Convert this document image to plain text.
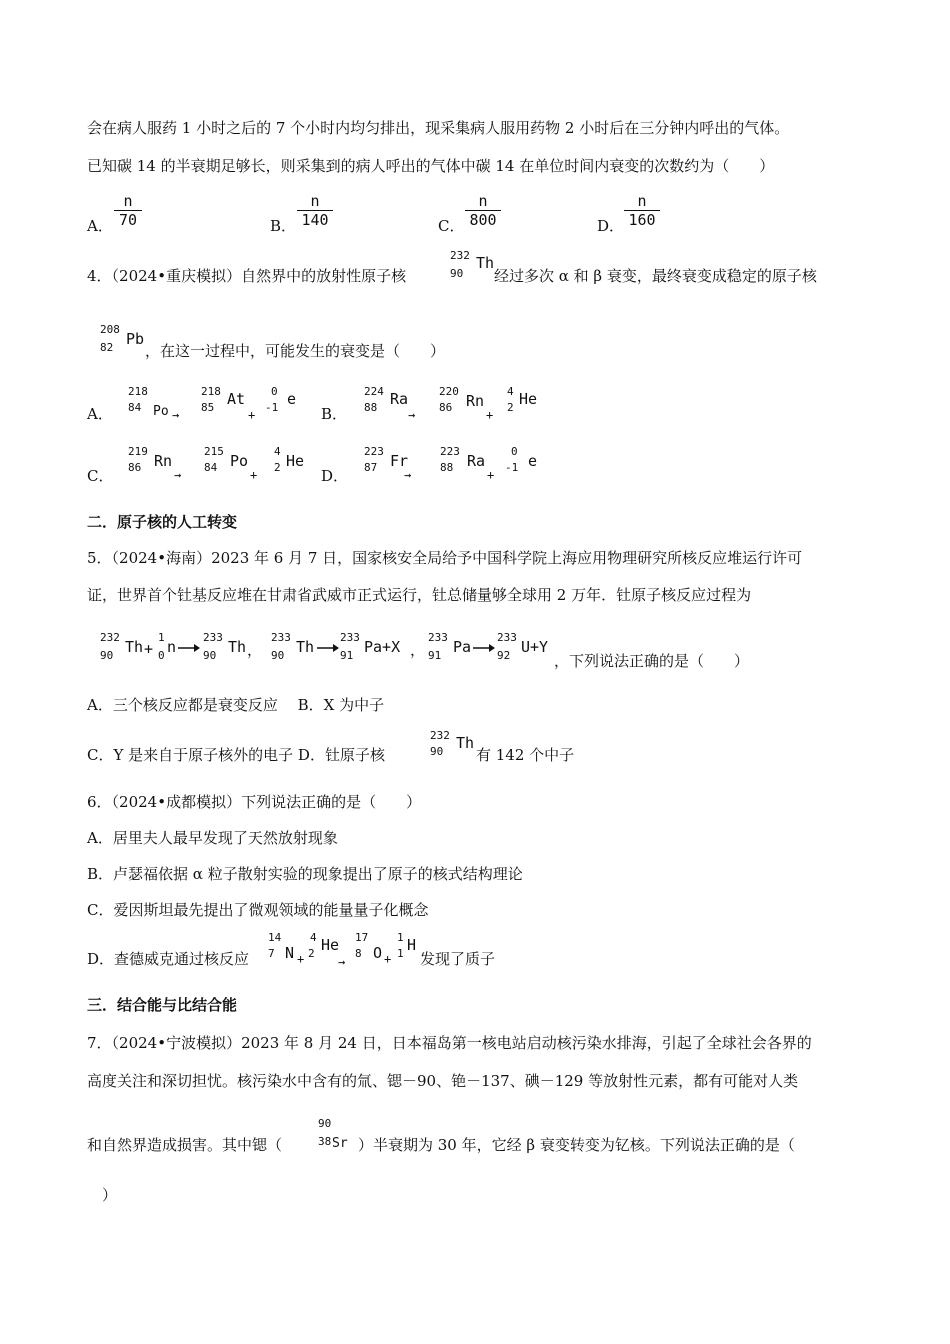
会在病人服药 1 小时之后的 7 个小时内均匀排出，现采集病人服用药物 2 小时后在三分钟内呼出的气体。
已知碳 14 的半衰期足够长，则采集到的病人呼出的气体中碳 14 在单位时间内衰变的次数约为（　　）
A．
n
70	B．
n
140	C．
n
800	D．
n
160
4．（2024•重庆模拟）自然界中的放射性原子核
232
90
Th
经过多次 α 和 β 衰变，最终衰变成稳定的原子核
208
82 Pb
，在这一过程中，可能发生的衰变是（　　）
A．
218
84 Po →
218
85 At
+
0
-1 e
B．
224
88 Ra
→
220
86 Rn
+
4
2 He
C．
219
86 Rn
→
215
84 Po
+
4
2 He
D．
223
87 Fr
→
223
88 Ra
+
0
-1 e
二．原子核的人工转变
5．（2024•海南）2023 年 6 月 7 日，国家核安全局给予中国科学院上海应用物理研究所核反应堆运行许可
证，世界首个钍基反应堆在甘肃省武威市正式运行，钍总储量够全球用 2 万年．钍原子核反应过程为
232
90 Th +
1
0 n
233
90 Th ，
233
90 Th
233
91 Pa+X ，
233
91 Pa
233
92 U+Y
，下列说法正确的是（　　）
A．三个核反应都是衰变反应　 B．X 为中子
C．Y 是来自于原子核外的电子 D．钍原子核
232
90 Th
有 142 个中子
6．（2024•成都模拟）下列说法正确的是（　　）
A．居里夫人最早发现了天然放射现象
B．卢瑟福依据 α 粒子散射实验的现象提出了原子的核式结构理论
C．爱因斯坦最先提出了微观领域的能量量子化概念
D．查德威克通过核反应
14
7 N +
4
2 He
→
17
8 O +
1
1 H
发现了质子
三．结合能与比结合能
7．（2024•宁波模拟）2023 年 8 月 24 日，日本福岛第一核电站启动核污染水排海，引起了全球社会各界的
高度关注和深切担忧。核污染水中含有的氚、锶－90、铯－137、碘－129 等放射性元素，都有可能对人类
和自然界造成损害。其中锶（
90
38 Sr ）半衰期为 30 年，它经 β 衰变转变为钇核。下列说法正确的是（
）
